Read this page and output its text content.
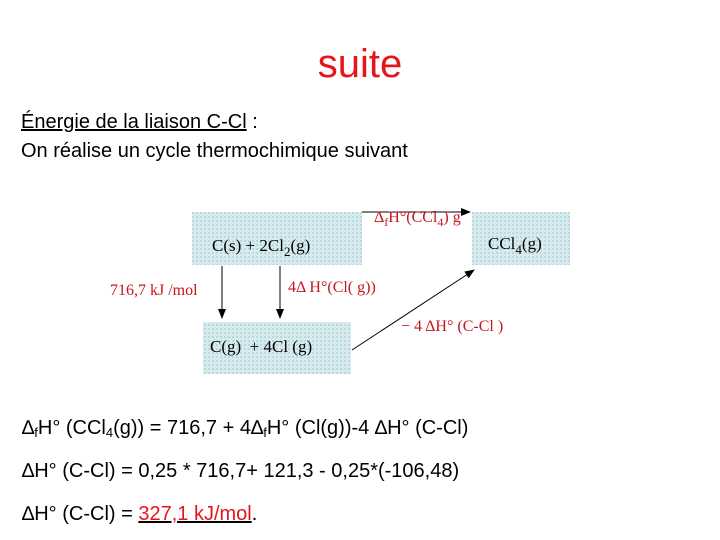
suite
Énergie de la liaison C-Cl :
On réalise un cycle thermochimique suivant
$\Delta_fH^\circ(CCl_4)$ g
$C(s) + 2Cl_2(g)$	CCl$_4$(g)
716,7 kJ /mol	4Δ H°(Cl( g))
− 4 ΔH° (C-Cl )
C(g)  + 4Cl (g)
$\Delta_fH^\circ$ $(CCl_4(g)) = 716,7 + 4\Delta_fH^\circ$ (Cl(g))-4 ∆H° (C-Cl)
∆H° (C-Cl) = 0,25 * 716,7+ 121,3 - 0,25*(-106,48)
∆H° (C-Cl) = 327,1 kJ/mol.
